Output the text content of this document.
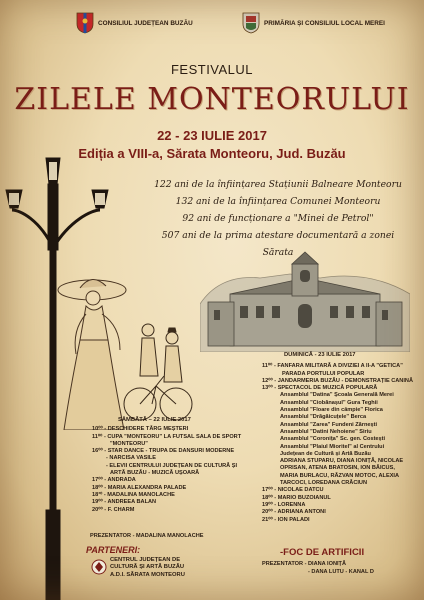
CONSILIUL JUDEȚEAN BUZĂU	PRIMĂRIA ȘI CONSILIUL LOCAL MEREI
FESTIVALUL
ZILELE MONTEORULUI
22 - 23 IULIE 2017
Ediția a VIII-a, Sărata Monteoru, Jud. Buzău
122 ani de la înființarea Stațiunii Balneare Monteoru
132 ani de la înființarea Comunei Monteoru
92 ani de funcționare a "Minei de Petrol"
507 ani de la prima atestare documentară a zonei Sărata
SÂMBĂTĂ – 22 IULIE 2017
10⁰⁰ - DESCHIDERE TÂRG MEȘTERI
11⁰⁰ - CUPA "MONTEORU" LA FUTSAL SALA DE SPORT
"MONTEORU"
16⁰⁰ - STAR DANCE - TRUPA DE DANSURI MODERNE
- NARCISA VASILE
- ELEVII CENTRULUI JUDEȚEAN DE CULTURĂ ȘI
ARTĂ BUZĂU - MUZICĂ UȘOARĂ
17⁰⁰ - ANDRADA
18⁰⁰ - MARIA ALEXANDRA PALADE
18³⁰ - MADALINA MANOLACHE
19⁰⁰ - ANDREEA BALAN
20⁰⁰ - F. CHARM
PREZENTATOR - MADALINA MANOLACHE
PARTENERI:
CENTRUL JUDEȚEAN DE
CULTURĂ ȘI ARTĂ BUZĂU
A.D.I. SĂRATA MONTEORU
DUMINICĂ - 23 IULIE 2017
11⁰⁰ - FANFARA MILITARĂ A DIVIZIEI A II-A "GETICA"
PARADA PORTULUI POPULAR
12⁰⁰ - JANDARMERIA BUZĂU - DEMONSTRAȚIE CANINĂ
13⁰⁰ - SPECTACOL DE MUZICĂ POPULARĂ
Ansamblul "Datina" Școala Generală Merei
Ansamblul "Ciobănașul" Gura Teghii
Ansamblul "Floare din câmpie" Florica
Ansamblul "Drăgăicuțele" Berca
Ansamblul "Zarea" Fundeni Zărnești
Ansamblul "Datini Nehoiene" Siriu
Ansamblul "Coronița" Sc. gen. Costești
Ansamblul "Plaiul Mioritel" al Centrului
Județean de Cultură și Artă Buzău
ADRIANA STUPARU, DIANA IONIȚĂ, NICOLAE
OPRISAN, ATENA BRATOSIN, ION BĂICUS,
MARIA BURLACU, RĂZVAN MOTOC, ALEXIA
TARCOCI, LOREDANA CRĂCIUN
17⁰⁰ - NICOLAE DATCU
18⁰⁰ - MARIO BUZOIANUL
19⁰⁰ - LORENNA
20⁰⁰ - ADRIANA ANTONI
21⁰⁰ - ION PALADI
-FOC DE ARTIFICII
PREZENTATOR - DIANA IONIȚĂ
- DANA LUTU - KANAL D
